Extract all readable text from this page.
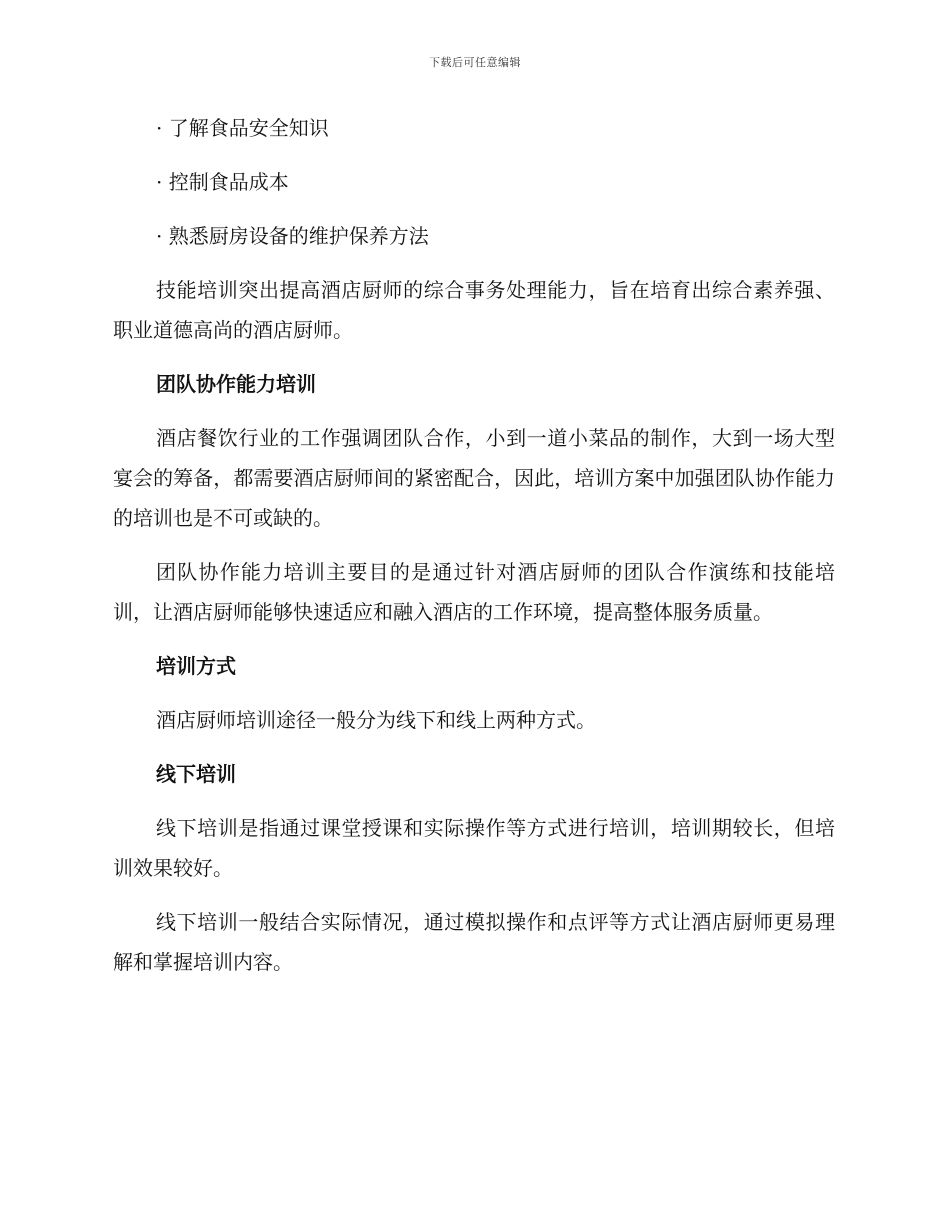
下载后可任意编辑

· 了解食品安全知识

· 控制食品成本

· 熟悉厨房设备的维护保养方法

技能培训突出提高酒店厨师的综合事务处理能力，旨在培育出综合素养强、职业道德高尚的酒店厨师。

团队协作能力培训

酒店餐饮行业的工作强调团队合作，小到一道小菜品的制作，大到一场大型宴会的筹备，都需要酒店厨师间的紧密配合，因此，培训方案中加强团队协作能力的培训也是不可或缺的。

团队协作能力培训主要目的是通过针对酒店厨师的团队合作演练和技能培训，让酒店厨师能够快速适应和融入酒店的工作环境，提高整体服务质量。

培训方式

酒店厨师培训途径一般分为线下和线上两种方式。

线下培训

线下培训是指通过课堂授课和实际操作等方式进行培训，培训期较长，但培训效果较好。

线下培训一般结合实际情况，通过模拟操作和点评等方式让酒店厨师更易理解和掌握培训内容。
